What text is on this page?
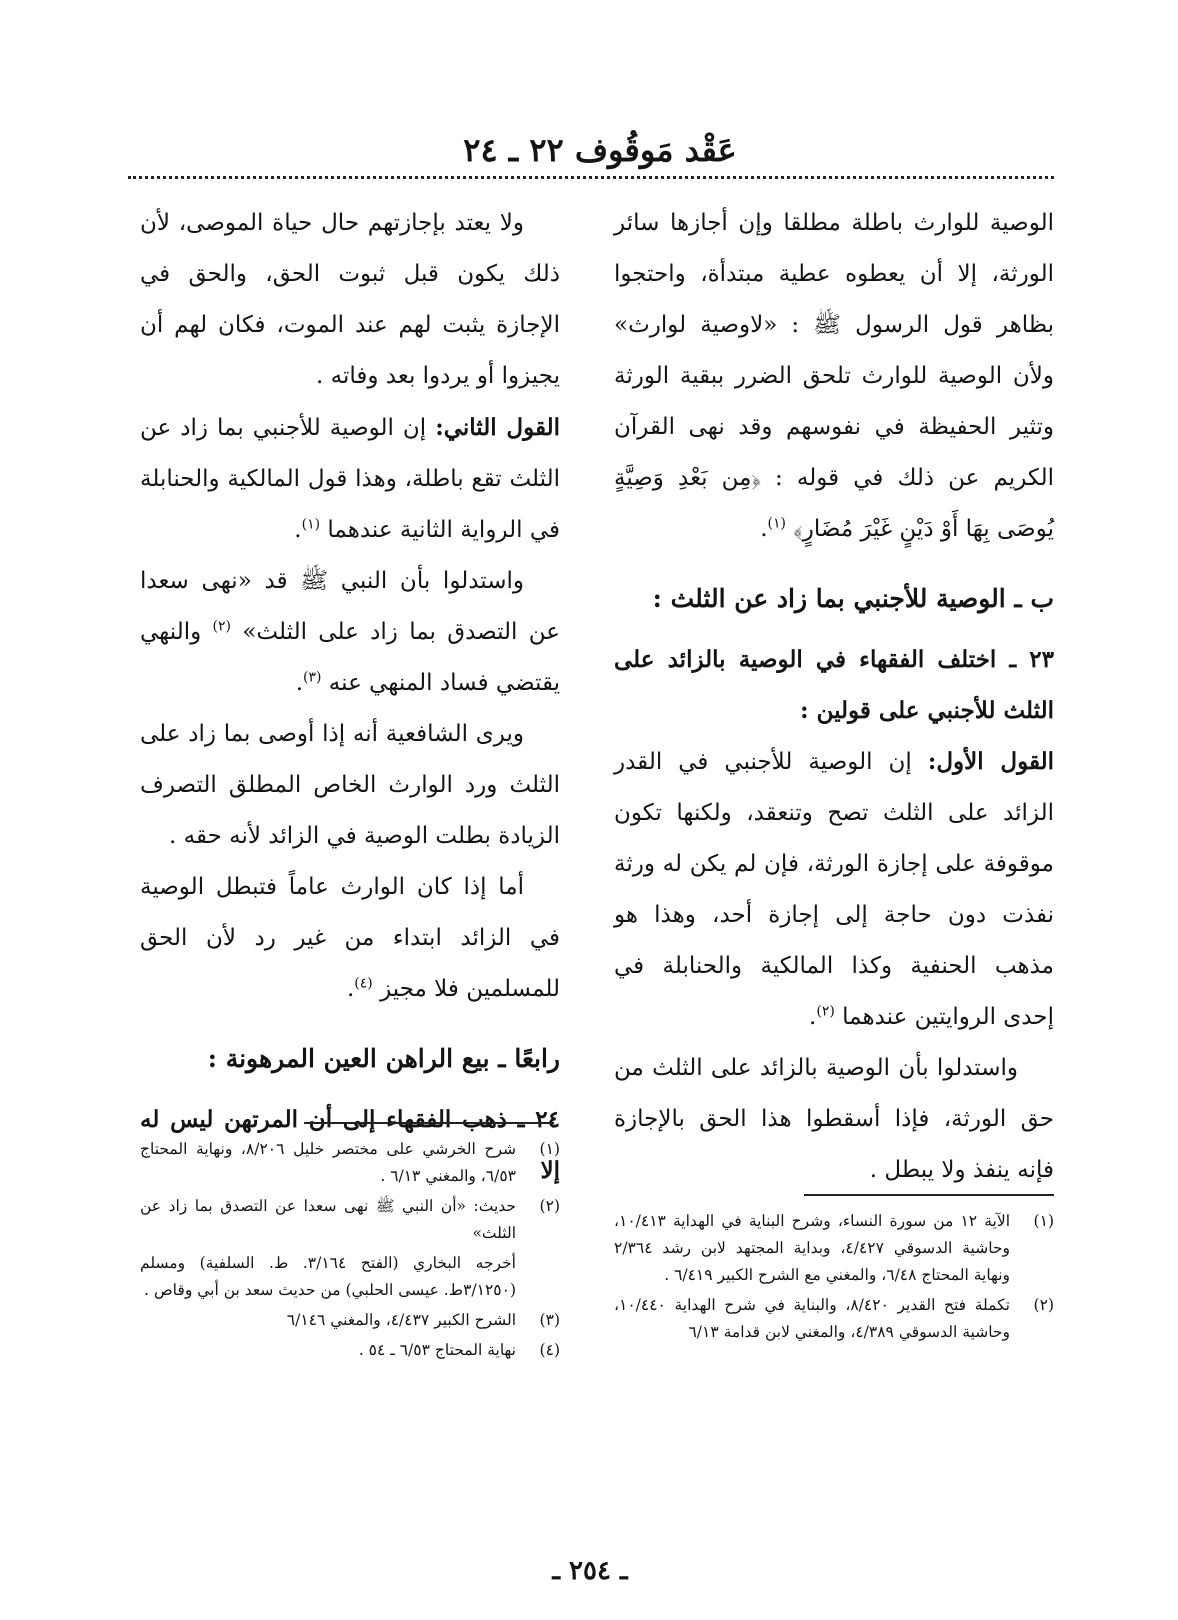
عَقْد مَوقُوف ٢٢ ـ ٢٤

الوصية للوارث باطلة مطلقا وإن أجازها سائر الورثة، إلا أن يعطوه عطية مبتدأة، واحتجوا بظاهر قول الرسول ﷺ : «لاوصية لوارث» ولأن الوصية للوارث تلحق الضرر ببقية الورثة وتثير الحفيظة في نفوسهم وقد نهى القرآن الكريم عن ذلك في قوله : ﴿مِن بَعْدِ وَصِيَّةٍ يُوصَى بِهَا أَوْ دَيْنٍ غَيْرَ مُضَارٍ﴾ $^{(١)}$.

ب ـ الوصية للأجنبي بما زاد عن الثلث :

٢٣ ـ اختلف الفقهاء في الوصية بالزائد على الثلث للأجنبي على قولين :

القول الأول: إن الوصية للأجنبي في القدر الزائد على الثلث تصح وتنعقد، ولكنها تكون موقوفة على إجازة الورثة، فإن لم يكن له ورثة نفذت دون حاجة إلى إجازة أحد، وهذا هو مذهب الحنفية وكذا المالكية والحنابلة في إحدى الروايتين عندهما $^{(٢)}$.

واستدلوا بأن الوصية بالزائد على الثلث من حق الورثة، فإذا أسقطوا هذا الحق بالإجازة فإنه ينفذ ولا يبطل .

ولا يعتد بإجازتهم حال حياة الموصى، لأن ذلك يكون قبل ثبوت الحق، والحق في الإجازة يثبت لهم عند الموت، فكان لهم أن يجيزوا أو يردوا بعد وفاته .

القول الثاني: إن الوصية للأجنبي بما زاد عن الثلث تقع باطلة، وهذا قول المالكية والحنابلة في الرواية الثانية عندهما $^{(١)}$.

واستدلوا بأن النبي ﷺ قد «نهى سعدا عن التصدق بما زاد على الثلث» $^{(٢)}$ والنهي يقتضي فساد المنهي عنه $^{(٣)}$.

ويرى الشافعية أنه إذا أوصى بما زاد على الثلث ورد الوارث الخاص المطلق التصرف الزيادة بطلت الوصية في الزائد لأنه حقه .

أما إذا كان الوارث عاماً فتبطل الوصية في الزائد ابتداء من غير رد لأن الحق للمسلمين فلا مجيز $^{(٤)}$.

رابعًا ـ بيع الراهن العين المرهونة :

٢٤ ـ ذهب الفقهاء إلى أن المرتهن ليس له إلا

(١)
الآية ١٢ من سورة النساء، وشرح البناية في الهداية ١٠/٤١٣، وحاشية الدسوقي ٤/٤٢٧، وبداية المجتهد لابن رشد ٢/٣٦٤ ونهاية المحتاج ٦/٤٨، والمغني مع الشرح الكبير ٦/٤١٩ .
(٢)
تكملة فتح القدير ٨/٤٢٠، والبناية في شرح الهداية ١٠/٤٤٠، وحاشية الدسوقي ٤/٣٨٩، والمغني لابن قدامة ٦/١٣
(١)
شرح الخرشي على مختصر خليل ٨/٢٠٦، ونهاية المحتاج ٦/٥٣، والمغني ٦/١٣ .
(٢)
حديث: «أن النبي ﷺ نهى سعدا عن التصدق بما زاد عن الثلث»
أخرجه البخاري (الفتح ٣/١٦٤. ط. السلفية) ومسلم (٣/١٢٥٠ط. عيسى الحلبي) من حديث سعد بن أبي وقاص .
(٣)
الشرح الكبير ٤/٤٣٧، والمغني ٦/١٤٦
(٤)
نهاية المحتاج ٦/٥٣ ـ ٥٤ .
ـ ٢٥٤ ـ
